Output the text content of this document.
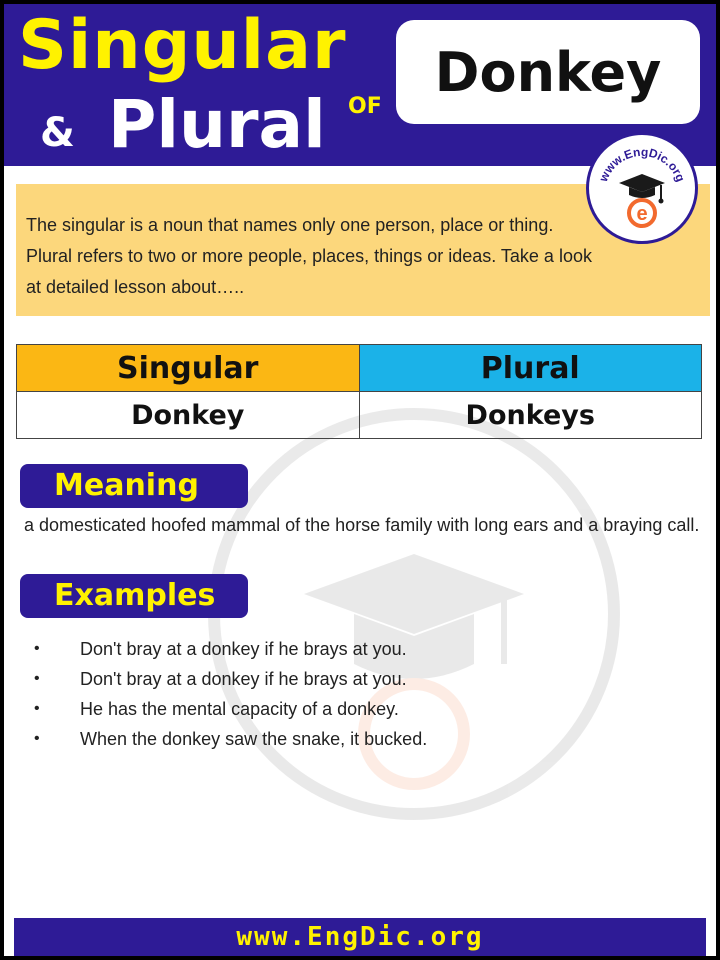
Singular
& Plural OF
Donkey
www.EngDic.org
e
The singular is a noun that names only one person, place or thing. Plural refers to two or more people, places, things or ideas. Take a look at detailed lesson about…..
Singular	Plural
Donkey	Donkeys
Meaning
a domesticated hoofed mammal of the horse family with long ears and a braying call.
Examples
• Don't bray at a donkey if he brays at you.
• Don't bray at a donkey if he brays at you.
• He has the mental capacity of a donkey.
• When the donkey saw the snake, it bucked.
www.EngDic.org
